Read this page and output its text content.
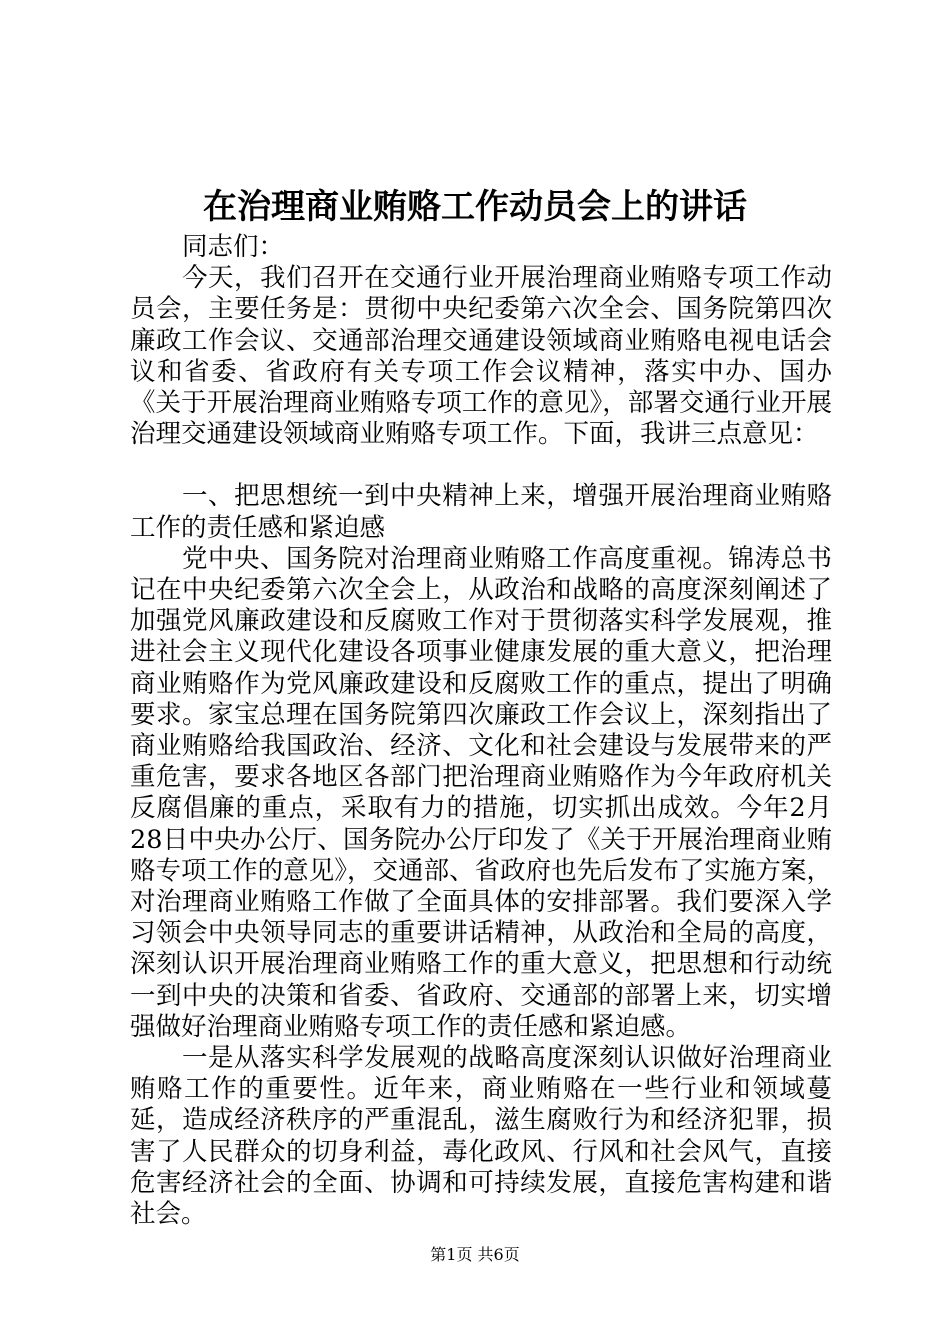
在治理商业贿赂工作动员会上的讲话

同志们：

今天，我们召开在交通行业开展治理商业贿赂专项工作动员会，主要任务是：贯彻中央纪委第六次全会、国务院第四次廉政工作会议、交通部治理交通建设领域商业贿赂电视电话会议和省委、省政府有关专项工作会议精神，落实中办、国办《关于开展治理商业贿赂专项工作的意见》，部署交通行业开展治理交通建设领域商业贿赂专项工作。下面，我讲三点意见：

一、把思想统一到中央精神上来，增强开展治理商业贿赂工作的责任感和紧迫感

党中央、国务院对治理商业贿赂工作高度重视。锦涛总书记在中央纪委第六次全会上，从政治和战略的高度深刻阐述了加强党风廉政建设和反腐败工作对于贯彻落实科学发展观，推进社会主义现代化建设各项事业健康发展的重大意义，把治理商业贿赂作为党风廉政建设和反腐败工作的重点，提出了明确要求。家宝总理在国务院第四次廉政工作会议上，深刻指出了商业贿赂给我国政治、经济、文化和社会建设与发展带来的严重危害，要求各地区各部门把治理商业贿赂作为今年政府机关反腐倡廉的重点，采取有力的措施，切实抓出成效。今年2月28日中央办公厅、国务院办公厅印发了《关于开展治理商业贿赂专项工作的意见》，交通部、省政府也先后发布了实施方案，对治理商业贿赂工作做了全面具体的安排部署。我们要深入学习领会中央领导同志的重要讲话精神，从政治和全局的高度，深刻认识开展治理商业贿赂工作的重大意义，把思想和行动统一到中央的决策和省委、省政府、交通部的部署上来，切实增强做好治理商业贿赂专项工作的责任感和紧迫感。

一是从落实科学发展观的战略高度深刻认识做好治理商业贿赂工作的重要性。近年来，商业贿赂在一些行业和领域蔓延，造成经济秩序的严重混乱，滋生腐败行为和经济犯罪，损害了人民群众的切身利益，毒化政风、行风和社会风气，直接危害经济社会的全面、协调和可持续发展，直接危害构建和谐社会。

第1页 共6页
